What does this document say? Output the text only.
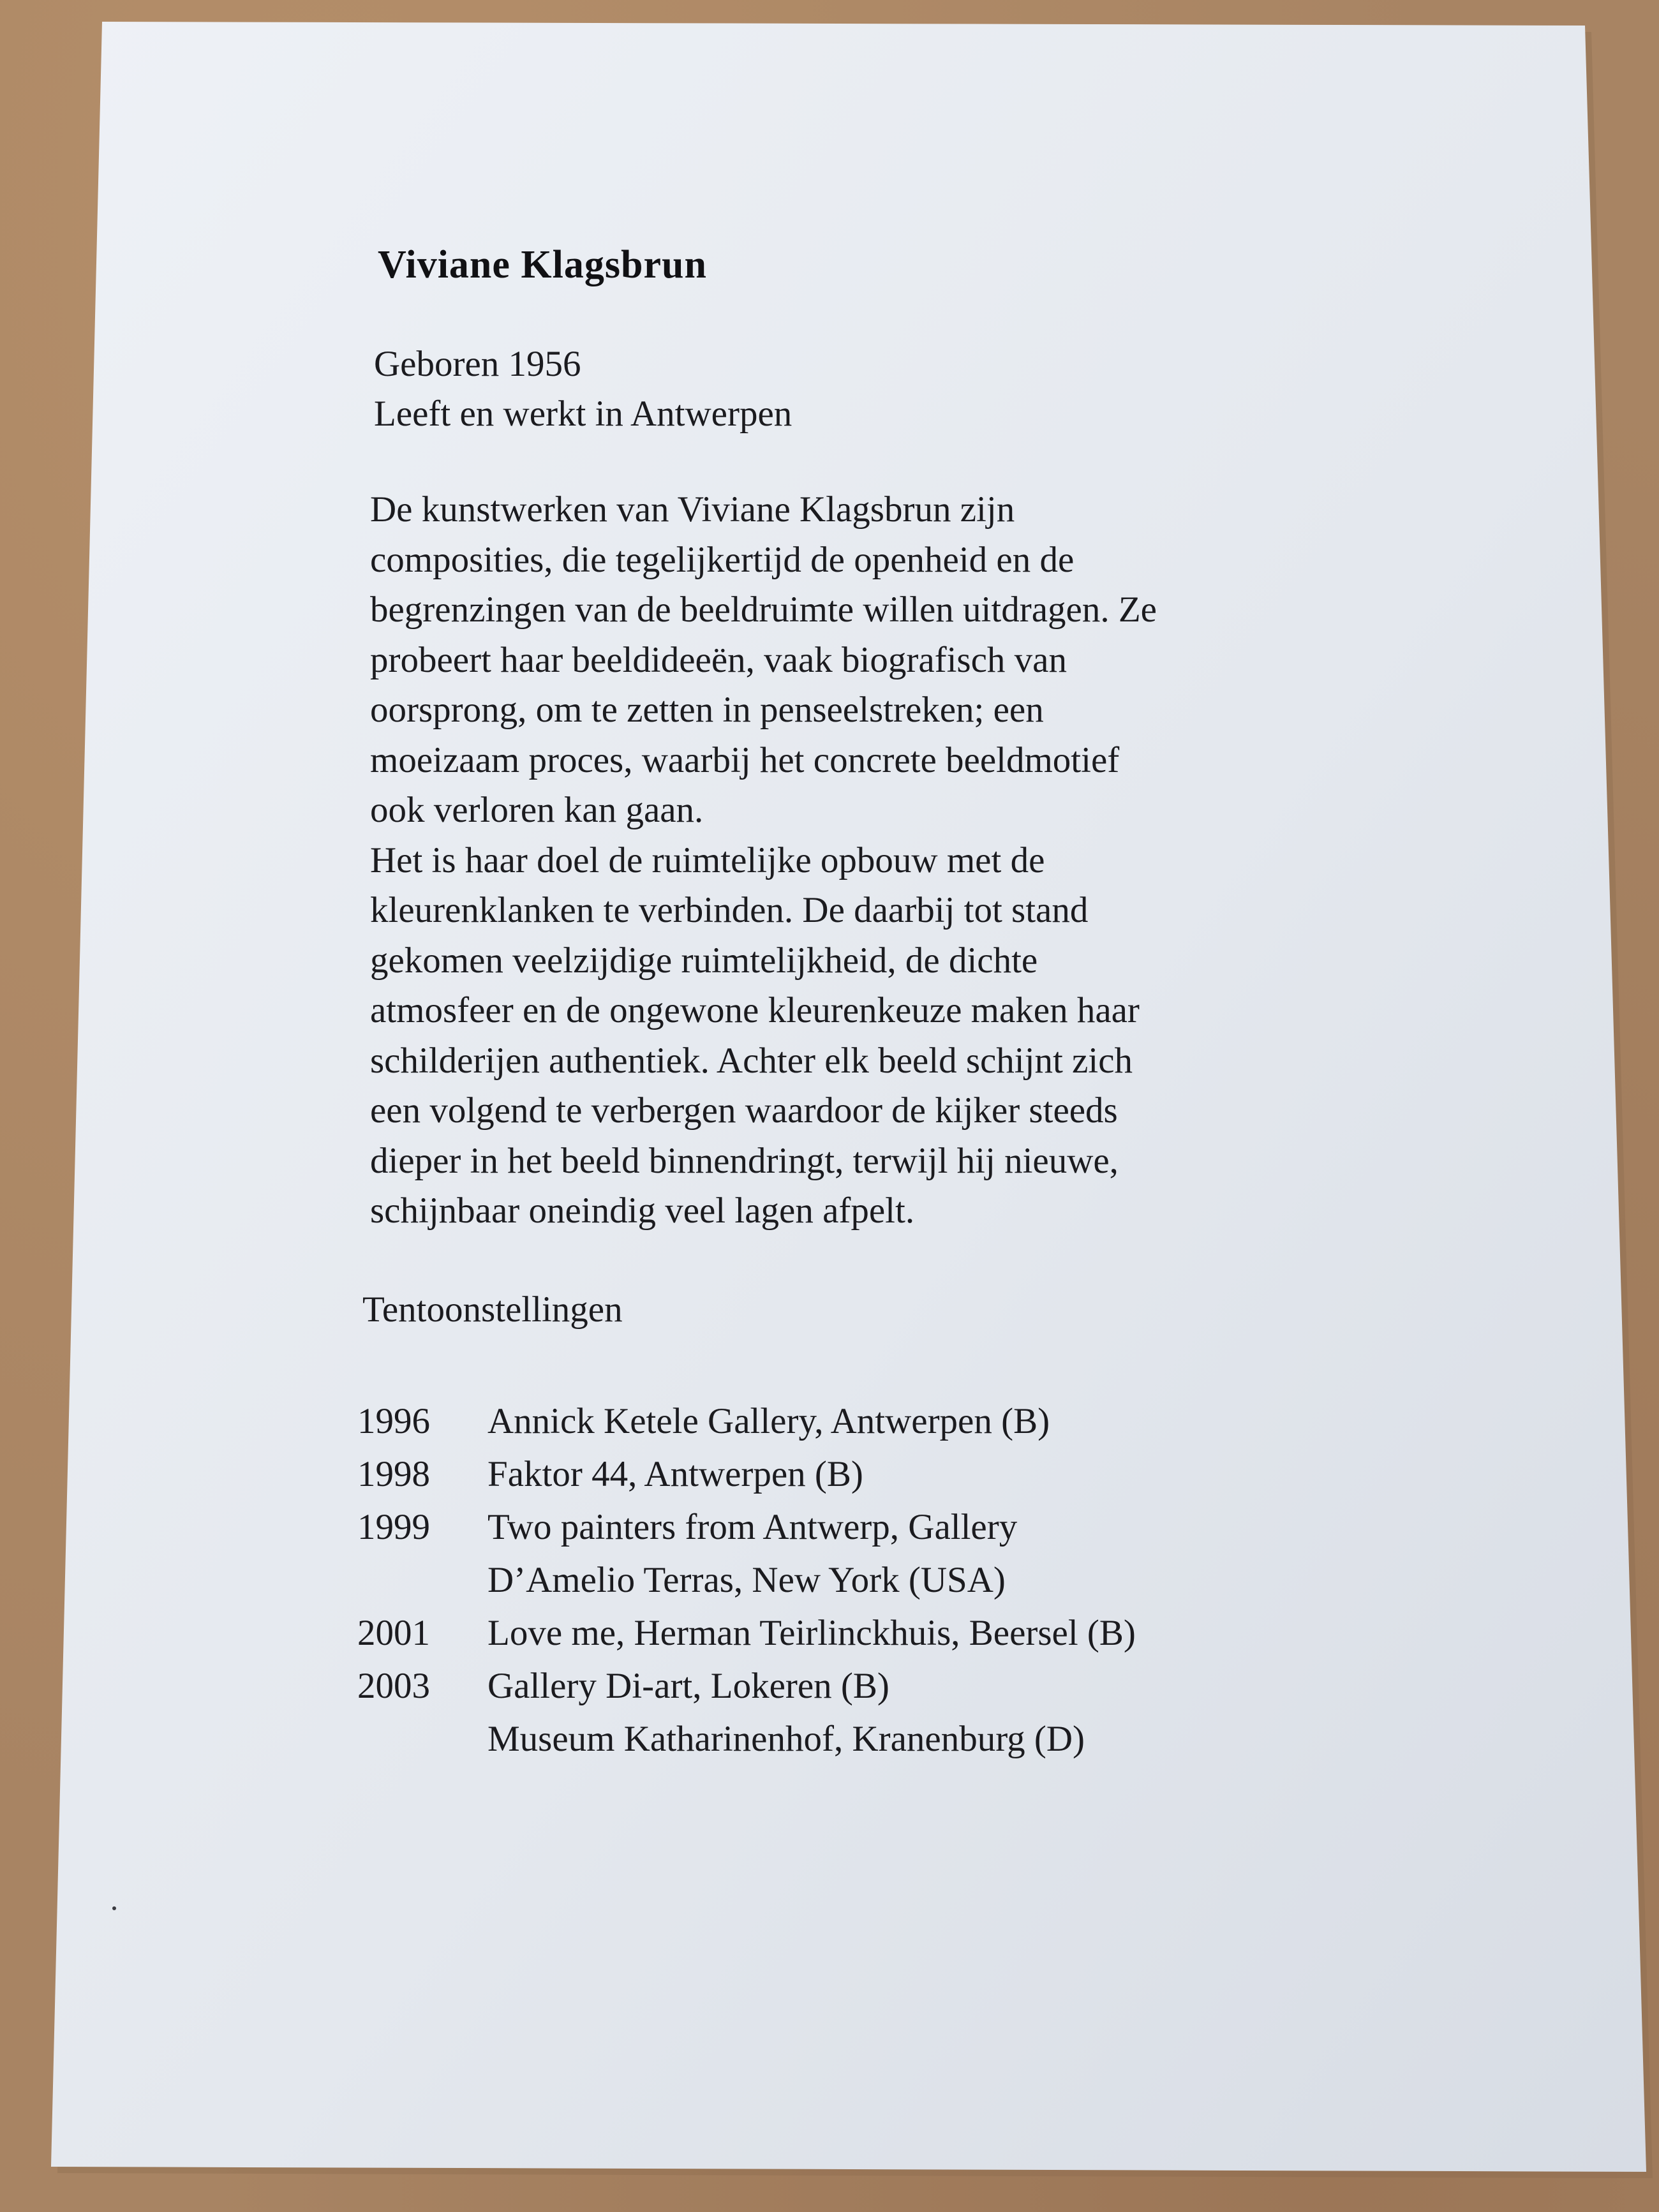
Viviane Klagsbrun
Geboren 1956
Leeft en werkt in Antwerpen
De kunstwerken van Viviane Klagsbrun zijn
composities, die tegelijkertijd de openheid en de
begrenzingen van de beeldruimte willen uitdragen. Ze
probeert haar beeldideeën, vaak biografisch van
oorsprong, om te zetten in penseelstreken; een
moeizaam proces, waarbij het concrete beeldmotief
ook verloren kan gaan.
Het is haar doel de ruimtelijke opbouw met de
kleurenklanken te verbinden. De daarbij tot stand
gekomen veelzijdige ruimtelijkheid, de dichte
atmosfeer en de ongewone kleurenkeuze maken haar
schilderijen authentiek. Achter elk beeld schijnt zich
een volgend te verbergen waardoor de kijker steeds
dieper in het beeld binnendringt, terwijl hij nieuwe,
schijnbaar oneindig veel lagen afpelt.
Tentoonstellingen
1996	Annick Ketele Gallery, Antwerpen (B)
1998	Faktor 44, Antwerpen (B)
1999	Two painters from Antwerp, Gallery
D’Amelio Terras, New York (USA)
2001	Love me, Herman Teirlinckhuis, Beersel (B)
2003	Gallery Di-art, Lokeren (B)
Museum Katharinenhof, Kranenburg (D)
